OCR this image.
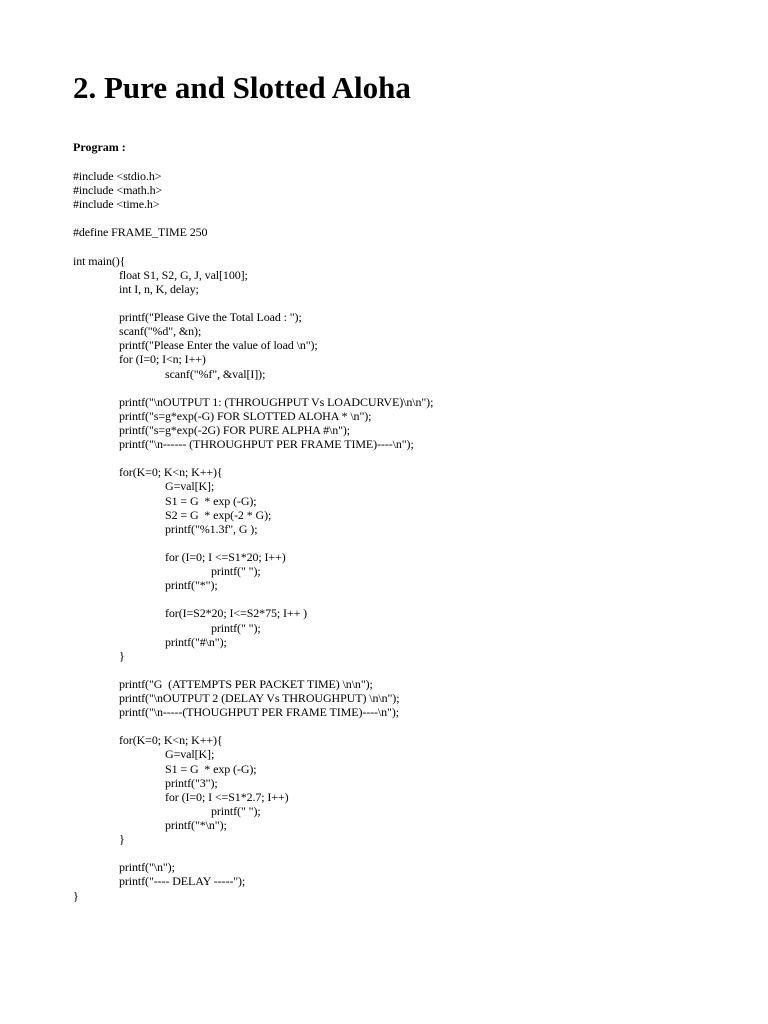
2. Pure and Slotted Aloha
Program :
#include <stdio.h>
#include <math.h>
#include <time.h>
#define FRAME_TIME 250
int main(){
float S1, S2, G, J, val[100];
int I, n, K, delay;
printf("Please Give the Total Load : ");
scanf("%d", &n);
printf("Please Enter the value of load \n");
for (I=0; I<n; I++)
scanf("%f", &val[I]);
printf("\nOUTPUT 1: (THROUGHPUT Vs LOADCURVE)\n\n");
printf("s=g*exp(-G) FOR SLOTTED ALOHA * \n");
printf("s=g*exp(-2G) FOR PURE ALPHA #\n");
printf("\n------ (THROUGHPUT PER FRAME TIME)----\n");
for(K=0; K<n; K++){
G=val[K];
S1 = G  * exp (-G);
S2 = G  * exp(-2 * G);
printf("%1.3f", G );
for (I=0; I <=S1*20; I++)
printf(" ");
printf("*");
for(I=S2*20; I<=S2*75; I++ )
printf(" ");
printf("#\n");
}
printf("G  (ATTEMPTS PER PACKET TIME) \n\n");
printf("\nOUTPUT 2 (DELAY Vs THROUGHPUT) \n\n");
printf("\n-----(THOUGHPUT PER FRAME TIME)----\n");
for(K=0; K<n; K++){
G=val[K];
S1 = G  * exp (-G);
printf("3");
for (I=0; I <=S1*2.7; I++)
printf(" ");
printf("*\n");
}
printf("\n");
printf("---- DELAY -----");
}
